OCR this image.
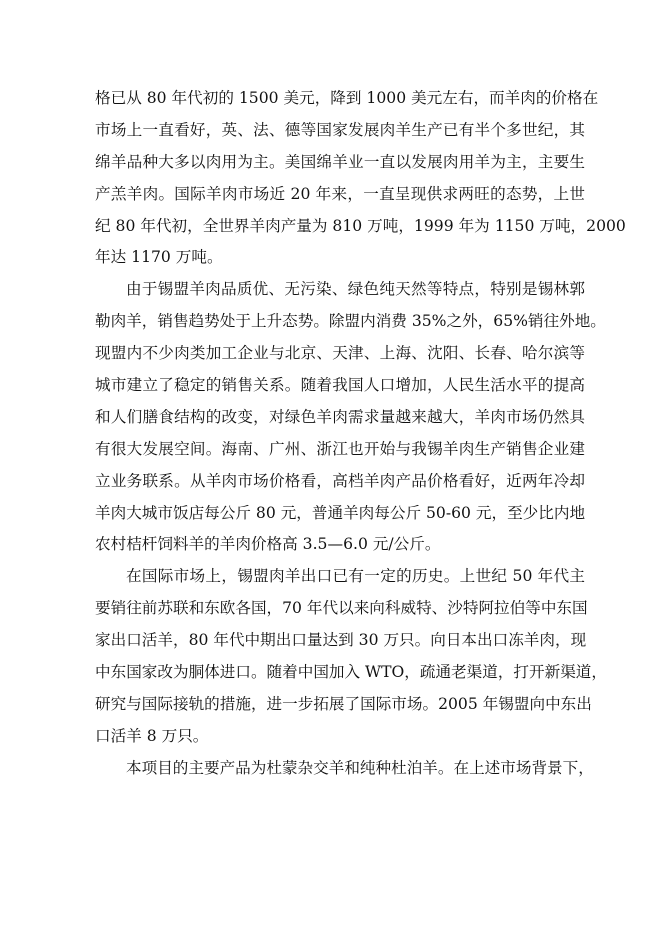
格已从 80 年代初的 1500 美元，降到 1000 美元左右，而羊肉的价格在
市场上一直看好，英、法、德等国家发展肉羊生产已有半个多世纪，其
绵羊品种大多以肉用为主。美国绵羊业一直以发展肉用羊为主，主要生
产羔羊肉。国际羊肉市场近 20 年来，一直呈现供求两旺的态势，上世
纪 80 年代初，全世界羊肉产量为 810 万吨，1999 年为 1150 万吨，2000
年达 1170 万吨。
由于锡盟羊肉品质优、无污染、绿色纯天然等特点，特别是锡林郭
勒肉羊，销售趋势处于上升态势。除盟内消费 35%之外，65%销往外地。
现盟内不少肉类加工企业与北京、天津、上海、沈阳、长春、哈尔滨等
城市建立了稳定的销售关系。随着我国人口增加，人民生活水平的提高
和人们膳食结构的改变，对绿色羊肉需求量越来越大，羊肉市场仍然具
有很大发展空间。海南、广州、浙江也开始与我锡羊肉生产销售企业建
立业务联系。从羊肉市场价格看，高档羊肉产品价格看好，近两年冷却
羊肉大城市饭店每公斤 80 元，普通羊肉每公斤 50-60 元，至少比内地
农村桔杆饲料羊的羊肉价格高 3.5—6.0 元/公斤。
在国际市场上，锡盟肉羊出口已有一定的历史。上世纪 50 年代主
要销往前苏联和东欧各国，70 年代以来向科威特、沙特阿拉伯等中东国
家出口活羊，80 年代中期出口量达到 30 万只。向日本出口冻羊肉，现
中东国家改为胴体进口。随着中国加入 WTO，疏通老渠道，打开新渠道，
研究与国际接轨的措施，进一步拓展了国际市场。2005 年锡盟向中东出
口活羊 8 万只。
本项目的主要产品为杜蒙杂交羊和纯种杜泊羊。在上述市场背景下，
